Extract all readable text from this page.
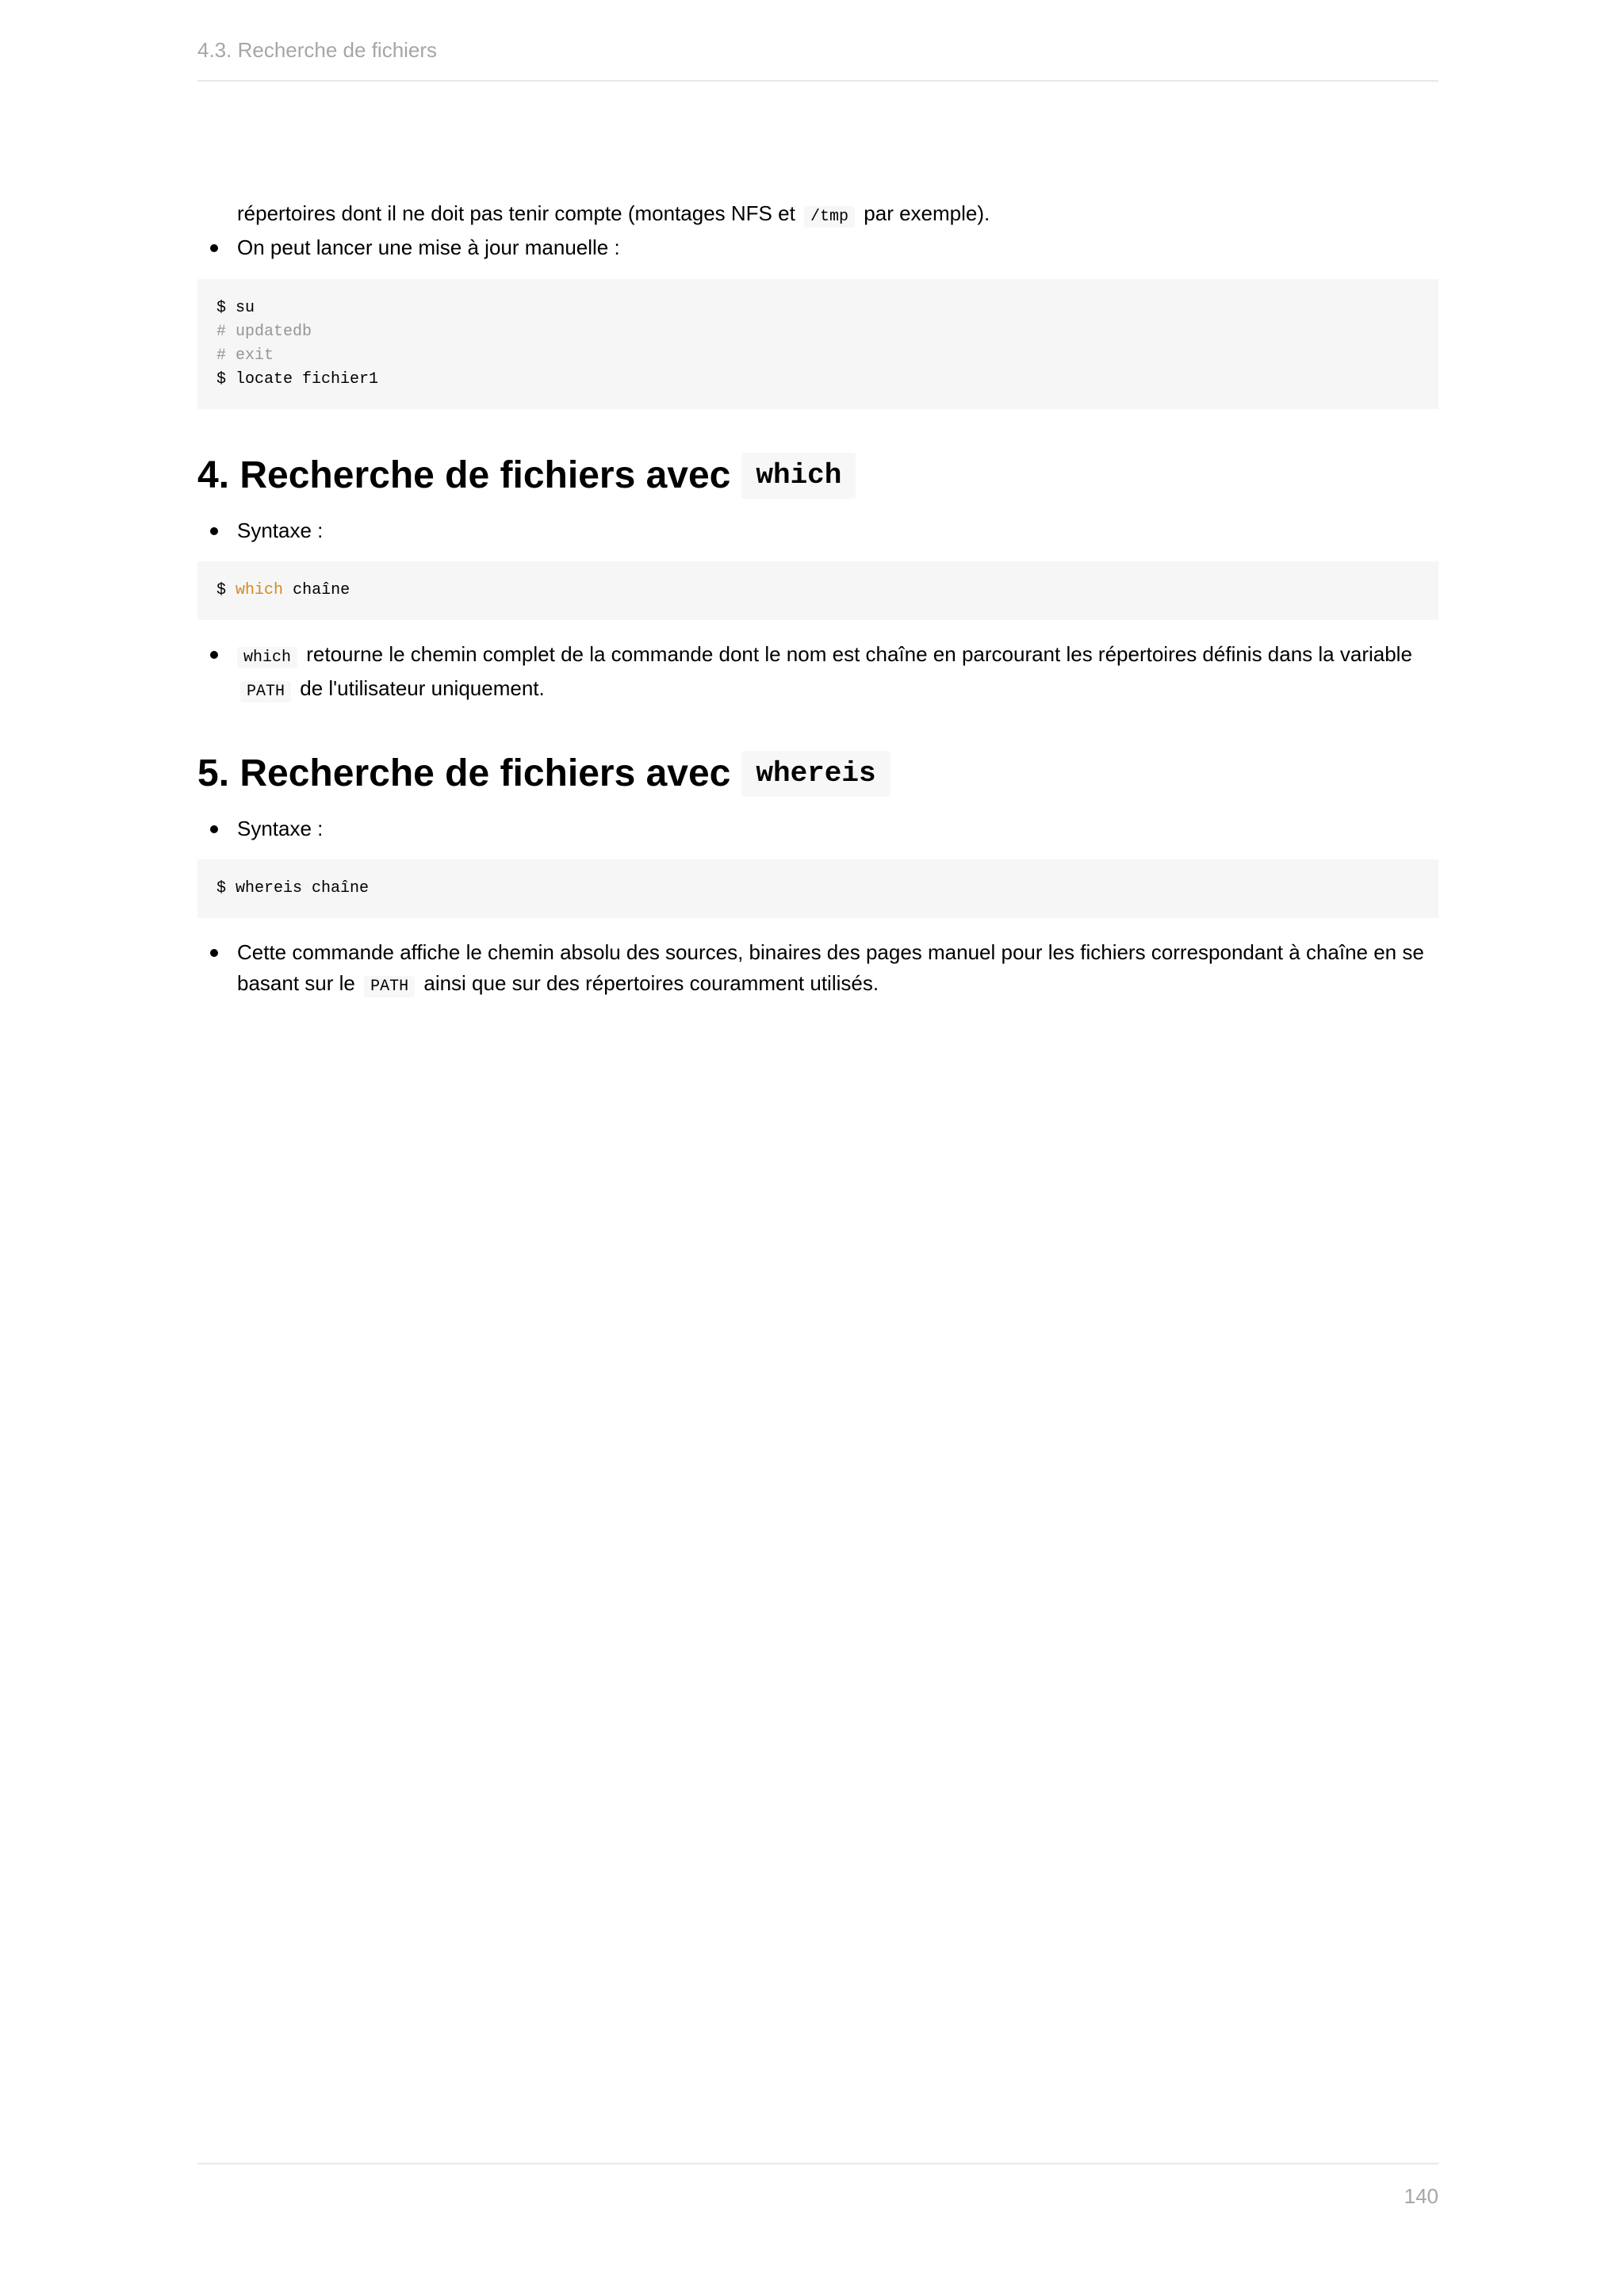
4.3. Recherche de fichiers
répertoires dont il ne doit pas tenir compte (montages NFS et /tmp par exemple).
On peut lancer une mise à jour manuelle :
$ su
# updatedb
# exit
$ locate fichier1
4. Recherche de fichiers avec which
Syntaxe :
$ which chaîne
which retourne le chemin complet de la commande dont le nom est chaîne en parcourant les répertoires définis dans la variable PATH de l'utilisateur uniquement.
5. Recherche de fichiers avec whereis
Syntaxe :
$ whereis chaîne
Cette commande affiche le chemin absolu des sources, binaires des pages manuel pour les fichiers correspondant à chaîne en se basant sur le PATH ainsi que sur des répertoires couramment utilisés.
140
